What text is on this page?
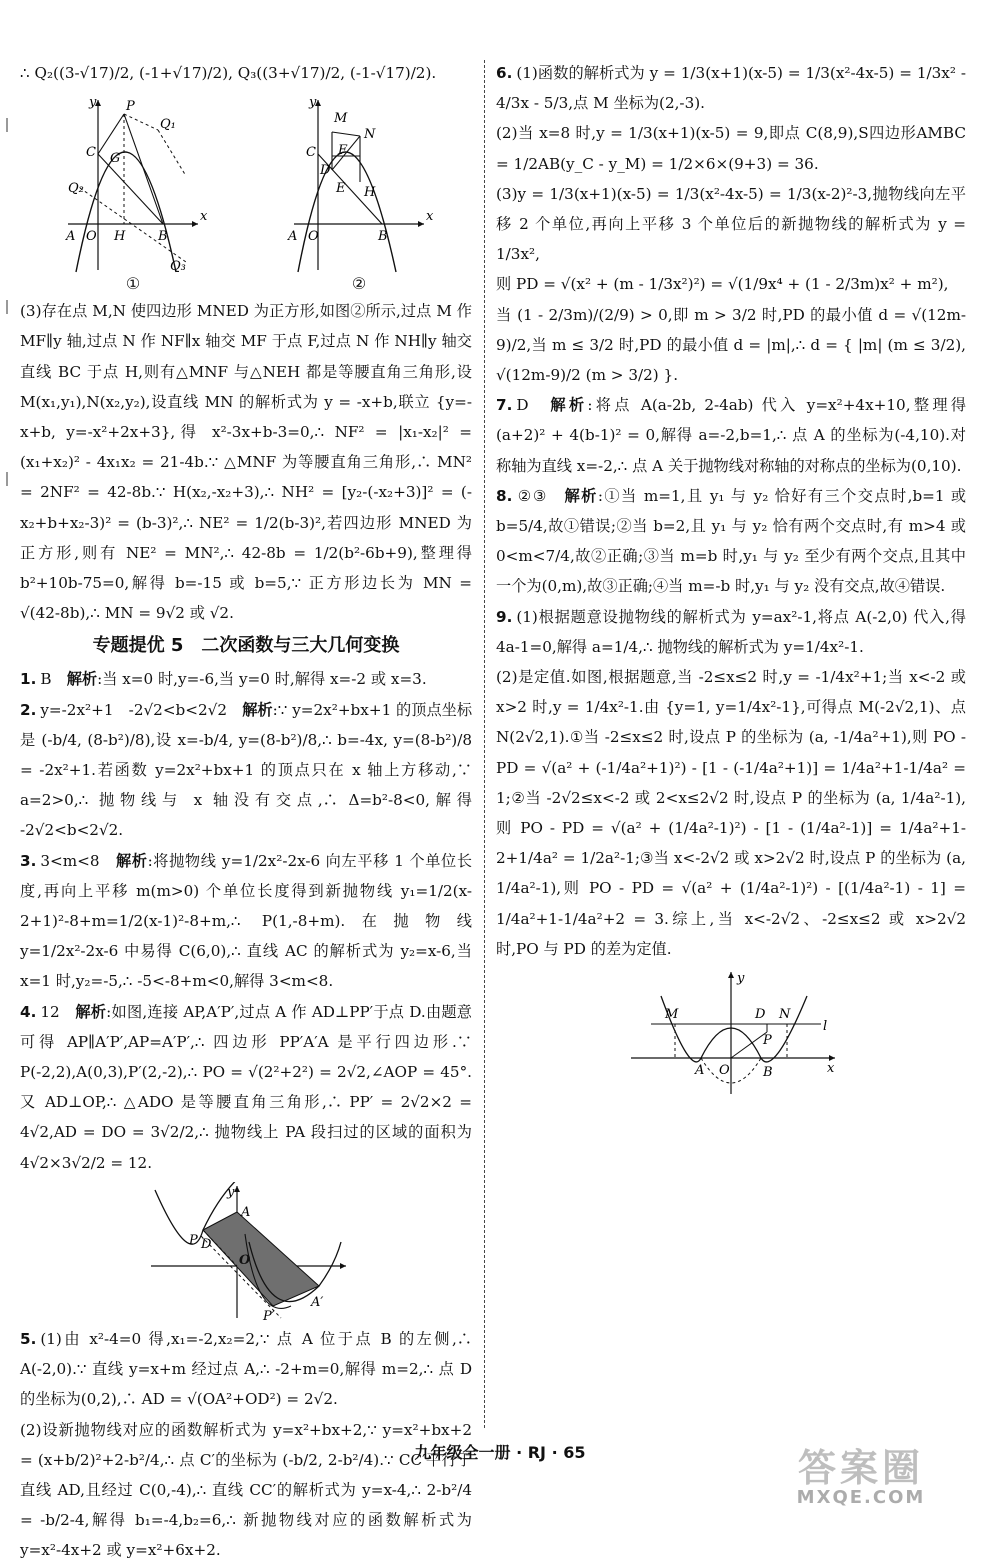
∴ Q₂((3-√17)/2, (-1+√17)/2), Q₃((3+√17)/2, (-1-√17)/2).

y
x
P
Q₁
C G
Q₂
A O H	B
Q₃
①
y
x
M
C
N
D
F
E H
A O	B
②

(3)存在点 M,N 使四边形 MNED 为正方形,如图②所示,过点 M 作 MF∥y 轴,过点 N 作 NF∥x 轴交 MF 于点 F,过点 N 作 NH∥y 轴交直线 BC 于点 H,则有△MNF 与△NEH 都是等腰直角三角形,设 M(x₁,y₁),N(x₂,y₂),设直线 MN 的解析式为 y = -x+b,联立 {y=-x+b, y=-x²+2x+3},得 x²-3x+b-3=0,∴ NF² = |x₁-x₂|² = (x₁+x₂)² - 4x₁x₂ = 21-4b.∵ △MNF 为等腰直角三角形,∴ MN² = 2NF² = 42-8b.∵ H(x₂,-x₂+3),∴ NH² = [y₂-(-x₂+3)]² = (-x₂+b+x₂-3)² = (b-3)²,∴ NE² = 1/2(b-3)²,若四边形 MNED 为正方形,则有 NE² = MN²,∴ 42-8b = 1/2(b²-6b+9),整理得 b²+10b-75=0,解得 b=-15 或 b=5,∵ 正方形边长为 MN = √(42-8b),∴ MN = 9√2 或 √2.

专题提优 5　二次函数与三大几何变换

1. B　 解析:当 x=0 时,y=-6,当 y=0 时,解得 x=-2 或 x=3.

2. y=-2x²+1　-2√2<b<2√2　 解析:∵ y=2x²+bx+1 的顶点坐标是 (-b/4, (8-b²)/8),设 x=-b/4, y=(8-b²)/8,∴ b=-4x, y=(8-b²)/8 = -2x²+1.若函数 y=2x²+bx+1 的顶点只在 x 轴上方移动,∵ a=2>0,∴ 抛物线与 x 轴没有交点,∴ Δ=b²-8<0,解得 -2√2<b<2√2.

3. 3<m<8　 解析:将抛物线 y=1/2x²-2x-6 向左平移 1 个单位长度,再向上平移 m(m>0) 个单位长度得到新抛物线 y₁=1/2(x-2+1)²-8+m=1/2(x-1)²-8+m,∴ P(1,-8+m).在抛物线 y=1/2x²-2x-6 中易得 C(6,0),∴ 直线 AC 的解析式为 y₂=x-6,当 x=1 时,y₂=-5,∴ -5<-8+m<0,解得 3<m<8.

4. 12　 解析:如图,连接 AP,A′P′,过点 A 作 AD⊥PP′于点 D.由题意可得 AP∥A′P′,AP=A′P′,∴ 四边形 PP′A′A 是平行四边形.∵ P(-2,2),A(0,3),P′(2,-2),∴ PO = √(2²+2²) = 2√2,∠AOP = 45°.又 AD⊥OP,∴ △ADO 是等腰直角三角形,∴ PP′ = 2√2×2 = 4√2,AD = DO = 3√2/2,∴ 抛物线上 PA 段扫过的区域的面积为 4√2×3√2/2 = 12.

y
A
P D
O
P′
A′

5. (1)由 x²-4=0 得,x₁=-2,x₂=2,∵ 点 A 位于点 B 的左侧,∴ A(-2,0).∵ 直线 y=x+m 经过点 A,∴ -2+m=0,解得 m=2,∴ 点 D 的坐标为(0,2),∴ AD = √(OA²+OD²) = 2√2.

(2)设新抛物线对应的函数解析式为 y=x²+bx+2,∵ y=x²+bx+2 = (x+b/2)²+2-b²/4,∴ 点 C′的坐标为 (-b/2, 2-b²/4).∵ CC′平行于直线 AD,且经过 C(0,-4),∴ 直线 CC′的解析式为 y=x-4,∴ 2-b²/4 = -b/2-4,解得 b₁=-4,b₂=6,∴ 新抛物线对应的函数解析式为 y=x²-4x+2 或 y=x²+6x+2.

6. (1)函数的解析式为 y = 1/3(x+1)(x-5) = 1/3(x²-4x-5) = 1/3x² - 4/3x - 5/3,点 M 坐标为(2,-3).

(2)当 x=8 时,y = 1/3(x+1)(x-5) = 9,即点 C(8,9),S四边形AMBC = 1/2AB(y_C - y_M) = 1/2×6×(9+3) = 36.

(3)y = 1/3(x+1)(x-5) = 1/3(x²-4x-5) = 1/3(x-2)²-3,抛物线向左平移 2 个单位,再向上平移 3 个单位后的新抛物线的解析式为 y = 1/3x²,

则 PD = √(x² + (m - 1/3x²)²) = √(1/9x⁴ + (1 - 2/3m)x² + m²),

当 (1 - 2/3m)/(2/9) > 0,即 m > 3/2 时,PD 的最小值 d = √(12m-9)/2,当 m ≤ 3/2 时,PD 的最小值 d = |m|,∴ d = { |m| (m ≤ 3/2), √(12m-9)/2 (m > 3/2) }.

7. D　 解析:将点 A(a-2b, 2-4ab) 代入 y=x²+4x+10,整理得 (a+2)² + 4(b-1)² = 0,解得 a=-2,b=1,∴ 点 A 的坐标为(-4,10).对称轴为直线 x=-2,∴ 点 A 关于抛物线对称轴的对称点的坐标为(0,10).

8. ②③　 解析:①当 m=1,且 y₁ 与 y₂ 恰好有三个交点时,b=1 或 b=5/4,故①错误;②当 b=2,且 y₁ 与 y₂ 恰有两个交点时,有 m>4 或 0<m<7/4,故②正确;③当 m=b 时,y₁ 与 y₂ 至少有两个交点,且其中一个为(0,m),故③正确;④当 m=-b 时,y₁ 与 y₂ 没有交点,故④错误.

9. (1)根据题意设抛物线的解析式为 y=ax²-1,将点 A(-2,0) 代入,得 4a-1=0,解得 a=1/4,∴ 抛物线的解析式为 y=1/4x²-1.

(2)是定值.如图,根据题意,当 -2≤x≤2 时,y = -1/4x²+1;当 x<-2 或 x>2 时,y = 1/4x²-1.由 {y=1, y=1/4x²-1},可得点 M(-2√2,1)、点 N(2√2,1).①当 -2≤x≤2 时,设点 P 的坐标为 (a, -1/4a²+1),则 PO - PD = √(a² + (-1/4a²+1)²) - [1 - (-1/4a²+1)] = 1/4a²+1-1/4a² = 1;②当 -2√2≤x<-2 或 2<x≤2√2 时,设点 P 的坐标为 (a, 1/4a²-1),则 PO - PD = √(a² + (1/4a²-1)²) - [1 - (1/4a²-1)] = 1/4a²+1-2+1/4a² = 1/2a²-1;③当 x<-2√2 或 x>2√2 时,设点 P 的坐标为 (a, 1/4a²-1),则 PO - PD = √(a² + (1/4a²-1)²) - [(1/4a²-1) - 1] = 1/4a²+1-1/4a²+2 = 3.综上,当 x<-2√2、-2≤x≤2 或 x>2√2 时,PO 与 PD 的差为定值.

y
l
M	D N
P
A O	B	x
九年级全一册 · RJ · 65	答案圈
MXQE.COM
